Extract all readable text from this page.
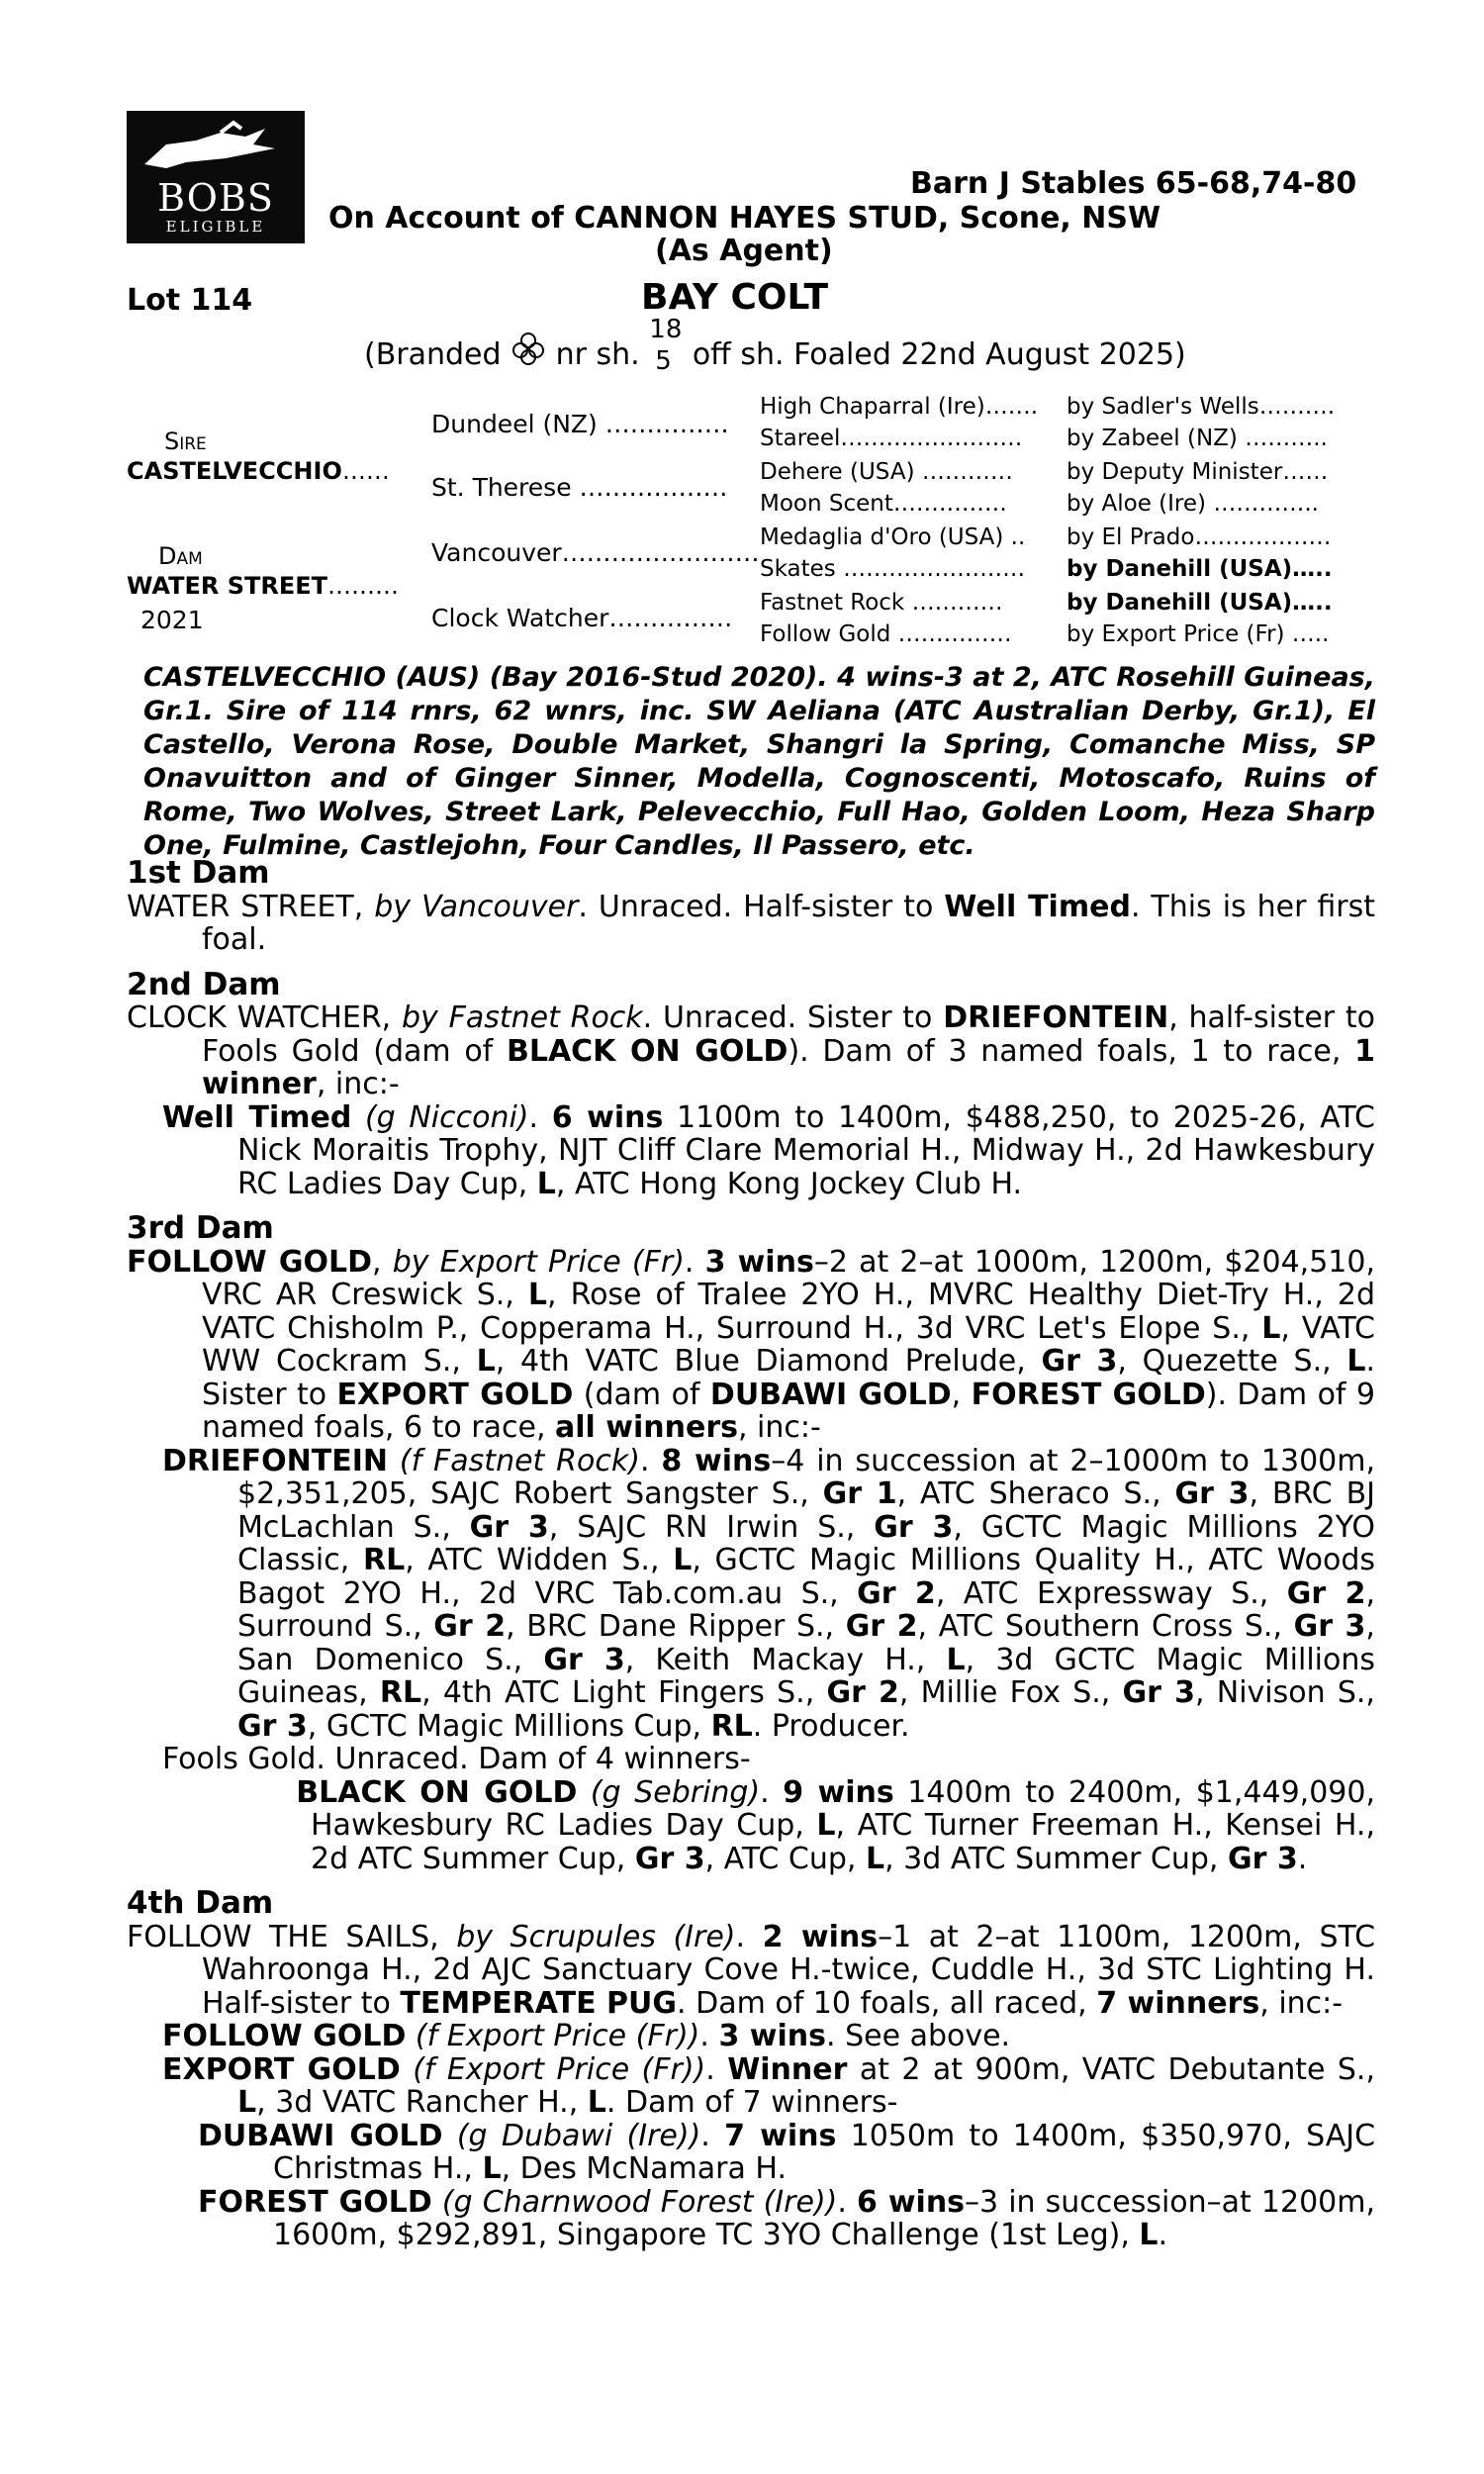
BOBS
ELIGIBLE
Barn J Stables 65-68,74-80
On Account of CANNON HAYES STUD, Scone, NSW
(As Agent)
Lot 114	BAY COLT
(Branded nr sh.
18
5 off sh. Foaled 22nd August 2025)
Sire
CASTELVECCHIO……
Dam
WATER STREET………
2021
Dundeel (NZ) ……………
St. Therese ………………
Vancouver……………………
Clock Watcher……………
High Chaparral (Ire)…….
Stareel……………………
Dehere (USA) …………
Moon Scent……………
Medaglia d'Oro (USA) ..
Skates ……………………
Fastnet Rock …………
Follow Gold ……………
by Sadler's Wells……….
by Zabeel (NZ) ………..
by Deputy Minister……
by Aloe (Ire) …………..
by El Prado………………
by Danehill (USA)…..
by Danehill (USA)…..
by Export Price (Fr) …..
CASTELVECCHIO (AUS) (Bay 2016-Stud 2020). 4 wins-3 at 2, ATC Rosehill Guineas, Gr.1. Sire of 114 rnrs, 62 wnrs, inc. SW Aeliana (ATC Australian Derby, Gr.1), El Castello, Verona Rose, Double Market, Shangri la Spring, Comanche Miss, SP Onavuitton and of Ginger Sinner, Modella, Cognoscenti, Motoscafo, Ruins of Rome, Two Wolves, Street Lark, Pelevecchio, Full Hao, Golden Loom, Heza Sharp One, Fulmine, Castlejohn, Four Candles, Il Passero, etc.
1st Dam
WATER STREET, by Vancouver. Unraced. Half-sister to Well Timed. This is her first foal.
2nd Dam
CLOCK WATCHER, by Fastnet Rock. Unraced. Sister to DRIEFONTEIN, half-sister to Fools Gold (dam of BLACK ON GOLD). Dam of 3 named foals, 1 to race, 1 winner, inc:-
Well Timed (g Nicconi). 6 wins 1100m to 1400m, $488,250, to 2025-26, ATC Nick Moraitis Trophy, NJT Cliff Clare Memorial H., Midway H., 2d Hawkesbury RC Ladies Day Cup, L, ATC Hong Kong Jockey Club H.
3rd Dam
FOLLOW GOLD, by Export Price (Fr). 3 wins–2 at 2–at 1000m, 1200m, $204,510, VRC AR Creswick S., L, Rose of Tralee 2YO H., MVRC Healthy Diet-Try H., 2d VATC Chisholm P., Copperama H., Surround H., 3d VRC Let's Elope S., L, VATC WW Cockram S., L, 4th VATC Blue Diamond Prelude, Gr 3, Quezette S., L. Sister to EXPORT GOLD (dam of DUBAWI GOLD, FOREST GOLD). Dam of 9 named foals, 6 to race, all winners, inc:-
DRIEFONTEIN (f Fastnet Rock). 8 wins–4 in succession at 2–1000m to 1300m, $2,351,205, SAJC Robert Sangster S., Gr 1, ATC Sheraco S., Gr 3, BRC BJ McLachlan S., Gr 3, SAJC RN Irwin S., Gr 3, GCTC Magic Millions 2YO Classic, RL, ATC Widden S., L, GCTC Magic Millions Quality H., ATC Woods Bagot 2YO H., 2d VRC Tab.com.au S., Gr 2, ATC Expressway S., Gr 2, Surround S., Gr 2, BRC Dane Ripper S., Gr 2, ATC Southern Cross S., Gr 3, San Domenico S., Gr 3, Keith Mackay H., L, 3d GCTC Magic Millions Guineas, RL, 4th ATC Light Fingers S., Gr 2, Millie Fox S., Gr 3, Nivison S., Gr 3, GCTC Magic Millions Cup, RL. Producer.
Fools Gold. Unraced. Dam of 4 winners-
BLACK ON GOLD (g Sebring). 9 wins 1400m to 2400m, $1,449,090, Hawkesbury RC Ladies Day Cup, L, ATC Turner Freeman H., Kensei H., 2d ATC Summer Cup, Gr 3, ATC Cup, L, 3d ATC Summer Cup, Gr 3.
4th Dam
FOLLOW THE SAILS, by Scrupules (Ire). 2 wins–1 at 2–at 1100m, 1200m, STC Wahroonga H., 2d AJC Sanctuary Cove H.-twice, Cuddle H., 3d STC Lighting H. Half-sister to TEMPERATE PUG. Dam of 10 foals, all raced, 7 winners, inc:-
FOLLOW GOLD (f Export Price (Fr)). 3 wins. See above.
EXPORT GOLD (f Export Price (Fr)). Winner at 2 at 900m, VATC Debutante S., L, 3d VATC Rancher H., L. Dam of 7 winners-
DUBAWI GOLD (g Dubawi (Ire)). 7 wins 1050m to 1400m, $350,970, SAJC Christmas H., L, Des McNamara H.
FOREST GOLD (g Charnwood Forest (Ire)). 6 wins–3 in succession–at 1200m, 1600m, $292,891, Singapore TC 3YO Challenge (1st Leg), L.
